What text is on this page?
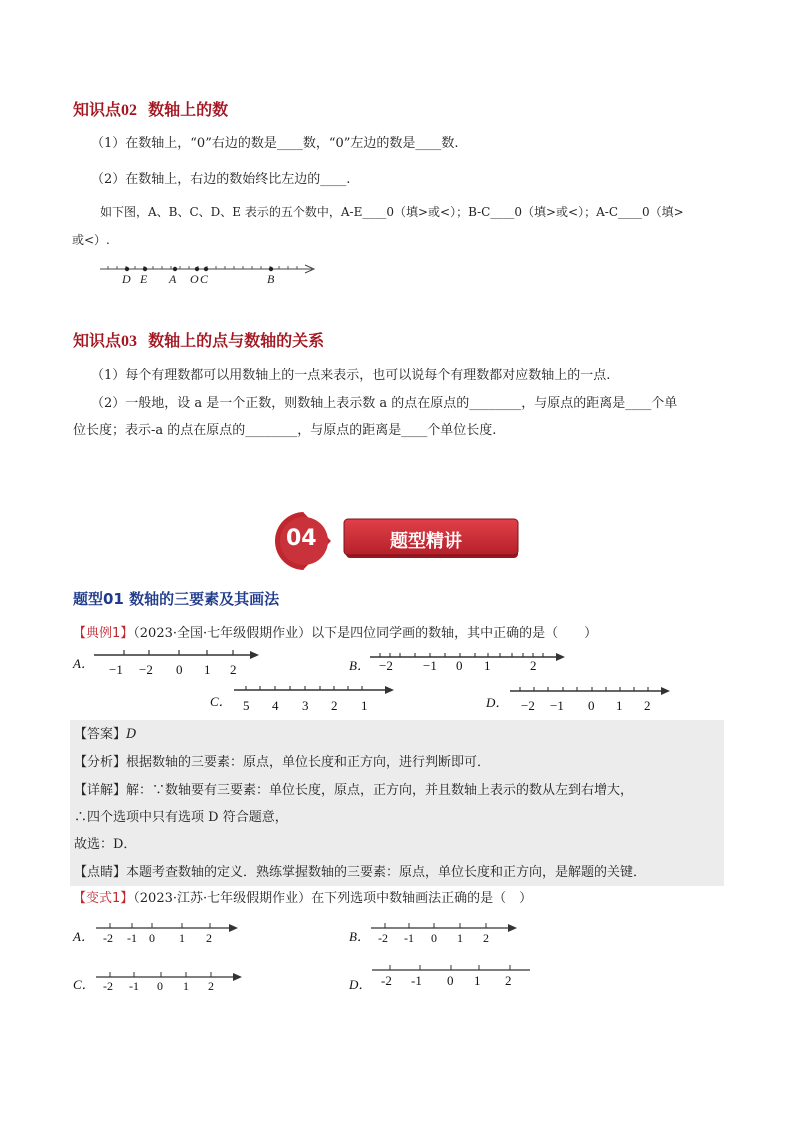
知识点02 数轴上的数
（1）在数轴上，“0”右边的数是____数，“0”左边的数是____数.
（2）在数轴上，右边的数始终比左边的____.
如下图，A、B、C、D、E 表示的五个数中，A-E____0（填>或<）；B-C____0（填>或<）；A-C____0（填>
或<）.
D E A O C	B
知识点03 数轴上的点与数轴的关系
（1）每个有理数都可以用数轴上的一点来表示，也可以说每个有理数都对应数轴上的一点.
（2）一般地，设 a 是一个正数，则数轴上表示数 a 的点在原点的________，与原点的距离是____个单
位长度；表示-a 的点在原点的________，与原点的距离是____个单位长度.
04	题型精讲
题型01 数轴的三要素及其画法
【典例1】（2023·全国·七年级假期作业）以下是四位同学画的数轴，其中正确的是（　　）
A． −1 −2 0 1 2	B． −2 −1 0 1	2
C． 5 4 3 2 1	D． −2 −1 0 1 2
【答案】D
【分析】根据数轴的三要素：原点，单位长度和正方向，进行判断即可．
【详解】解：∵数轴要有三要素：单位长度，原点，正方向，并且数轴上表示的数从左到右增大，
∴四个选项中只有选项 D 符合题意，
故选：D．
【点睛】本题考查数轴的定义．熟练掌握数轴的三要素：原点，单位长度和正方向，是解题的关键．
【变式1】（2023·江苏·七年级假期作业）在下列选项中数轴画法正确的是（　）
A． -2 -1 0 1 2	B． -2 -1 0 1 2
C． -2 -1 0 1 2	D． -2 -1 0 1 2
